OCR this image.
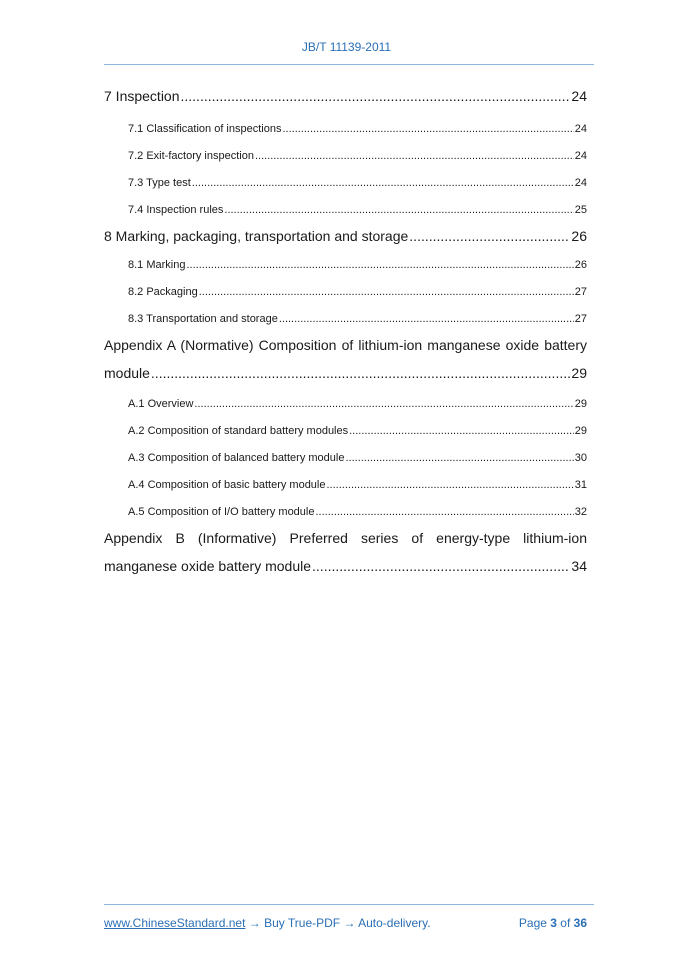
JB/T 11139-2011
7 Inspection .....	24
7.1 Classification of inspections .....	24
7.2 Exit-factory inspection .....	24
7.3 Type test .....	24
7.4 Inspection rules .....	25
8 Marking, packaging, transportation and storage .....	26
8.1 Marking .....	26
8.2 Packaging .....	27
8.3 Transportation and storage .....	27
Appendix A (Normative) Composition of lithium-ion manganese oxide battery
module .....	29
A.1 Overview .....	29
A.2 Composition of standard battery modules .....	29
A.3 Composition of balanced battery module .....	30
A.4 Composition of basic battery module .....	31
A.5 Composition of I/O battery module .....	32
Appendix B (Informative) Preferred series of energy-type lithium-ion
manganese oxide battery module .....	34
www.ChineseStandard.net → Buy True-PDF → Auto-delivery.	Page 3 of 36
